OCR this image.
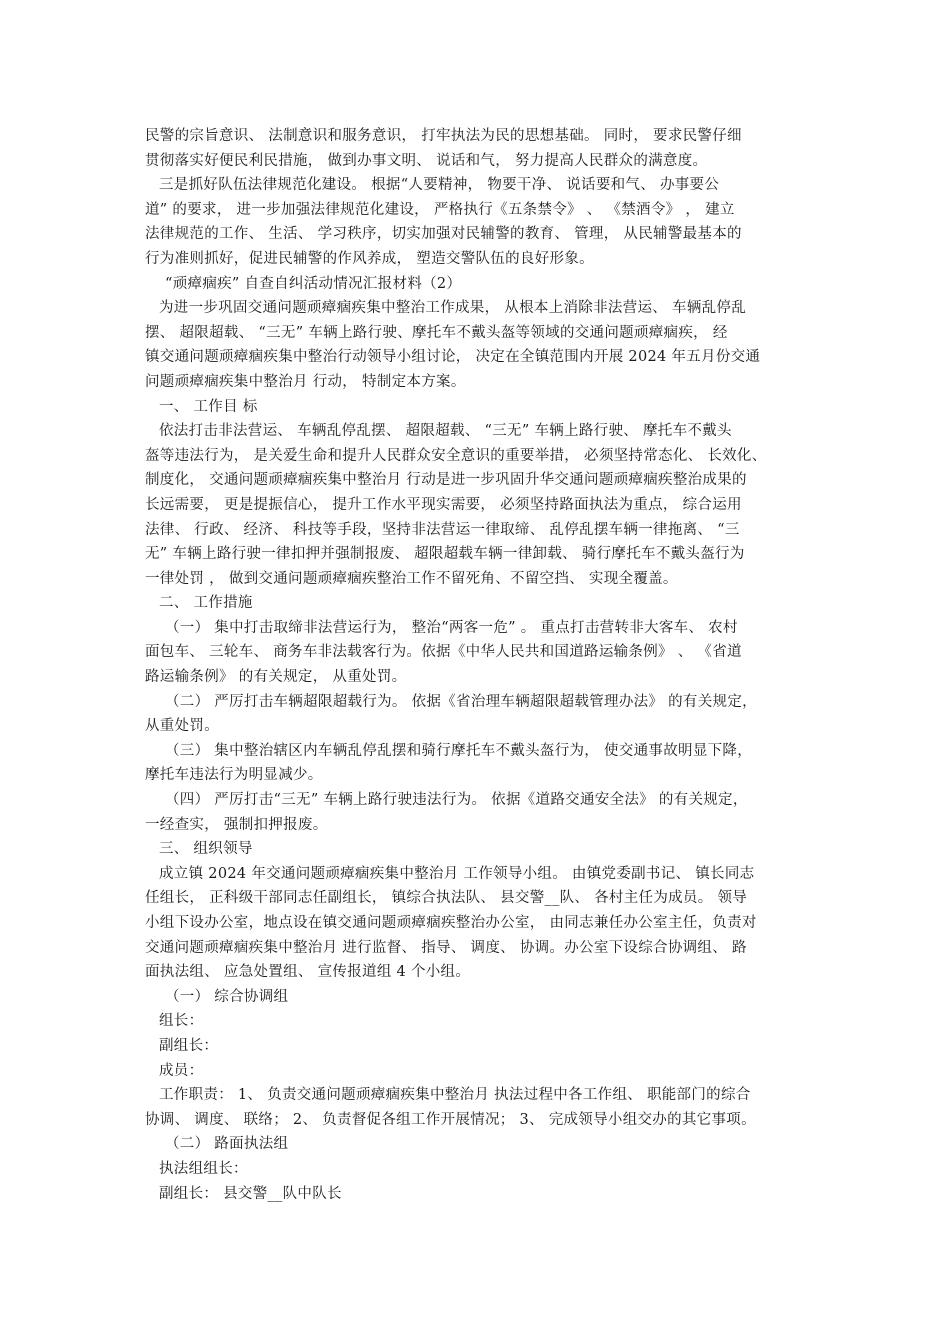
民警的宗旨意识、 法制意识和服务意识， 打牢执法为民的思想基础。 同时， 要求民警仔细
贯彻落实好便民利民措施， 做到办事文明、 说话和气， 努力提高人民群众的满意度。
三是抓好队伍法律规范化建设。 根据“人要精神， 物要干净、 说话要和气、 办事要公
道” 的要求， 进一步加强法律规范化建设， 严格执行《五条禁令》 、 《禁酒令》 ， 建立
法律规范的工作、 生活、 学习秩序，切实加强对民辅警的教育、 管理， 从民辅警最基本的
行为准则抓好，促进民辅警的作风养成， 塑造交警队伍的良好形象。
“顽瘴痼疾” 自查自纠活动情况汇报材料（2）
为进一步巩固交通问题顽瘴痼疾集中整治工作成果， 从根本上消除非法营运、 车辆乱停乱
摆、 超限超载、 “三无” 车辆上路行驶、摩托车不戴头盔等领域的交通问题顽瘴痼疾， 经
镇交通问题顽瘴痼疾集中整治行动领导小组讨论， 决定在全镇范围内开展 2024 年五月份交通
问题顽瘴痼疾集中整治月 行动， 特制定本方案。
一、 工作目 标
依法打击非法营运、 车辆乱停乱摆、 超限超载、 “三无” 车辆上路行驶、 摩托车不戴头
盔等违法行为， 是关爱生命和提升人民群众安全意识的重要举措， 必须坚持常态化、 长效化、
制度化， 交通问题顽瘴痼疾集中整治月 行动是进一步巩固升华交通问题顽瘴痼疾整治成果的
长远需要， 更是提振信心， 提升工作水平现实需要， 必须坚持路面执法为重点， 综合运用
法律、 行政、 经济、 科技等手段，坚持非法营运一律取缔、 乱停乱摆车辆一律拖离、 “三
无” 车辆上路行驶一律扣押并强制报废、 超限超载车辆一律卸载、 骑行摩托车不戴头盔行为
一律处罚 ， 做到交通问题顽瘴痼疾整治工作不留死角、不留空挡、 实现全覆盖。
二、 工作措施
（一） 集中打击取缔非法营运行为， 整治“两客一危” 。 重点打击营转非大客车、 农村
面包车、 三轮车、 商务车非法载客行为。依据《中华人民共和国道路运输条例》 、 《省道
路运输条例》 的有关规定， 从重处罚。
（二） 严厉打击车辆超限超载行为。 依据《省治理车辆超限超载管理办法》 的有关规定，
从重处罚。
（三） 集中整治辖区内车辆乱停乱摆和骑行摩托车不戴头盔行为， 使交通事故明显下降，
摩托车违法行为明显减少。
（四） 严厉打击“三无” 车辆上路行驶违法行为。 依据《道路交通安全法》 的有关规定，
一经查实， 强制扣押报废。
三、 组织领导
成立镇 2024 年交通问题顽瘴痼疾集中整治月 工作领导小组。 由镇党委副书记、 镇长同志
任组长， 正科级干部同志任副组长， 镇综合执法队、 县交警__队、 各村主任为成员。 领导
小组下设办公室，地点设在镇交通问题顽瘴痼疾整治办公室， 由同志兼任办公室主任，负责对
交通问题顽瘴痼疾集中整治月 进行监督、 指导、 调度、 协调。办公室下设综合协调组、 路
面执法组、 应急处置组、 宣传报道组 4 个小组。
（一） 综合协调组
组长：
副组长：
成员：
工作职责： 1、 负责交通问题顽瘴痼疾集中整治月 执法过程中各工作组、 职能部门的综合
协调、 调度、 联络； 2、 负责督促各组工作开展情况； 3、 完成领导小组交办的其它事项。
（二） 路面执法组
执法组组长：
副组长： 县交警__队中队长
